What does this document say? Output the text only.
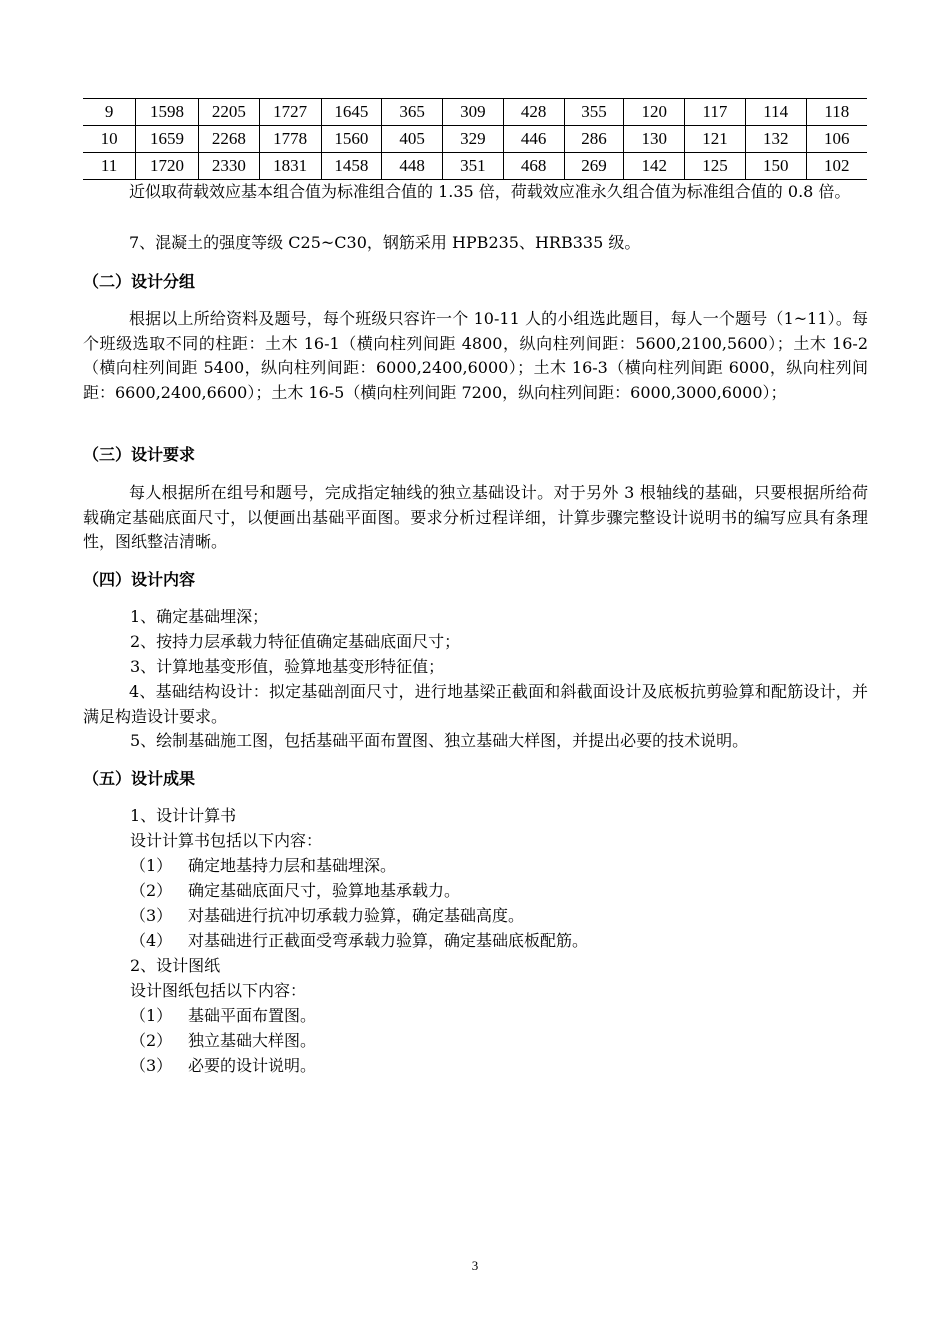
9	1598	2205	1727	1645	365	309	428	355	120	117	114	118
10	1659	2268	1778	1560	405	329	446	286	130	121	132	106
11	1720	2330	1831	1458	448	351	468	269	142	125	150	102

近似取荷载效应基本组合值为标准组合值的 1.35 倍，荷载效应准永久组合值为标准组合值的 0.8 倍。

7、混凝土的强度等级 C25~C30，钢筋采用 HPB235、HRB335 级。

（二）设计分组

根据以上所给资料及题号，每个班级只容许一个 10-11 人的小组选此题目，每人一个题号（1~11）。每个班级选取不同的柱距：土木 16-1（横向柱列间距 4800，纵向柱列间距：5600,2100,5600）；土木 16-2（横向柱列间距 5400，纵向柱列间距：6000,2400,6000）；土木 16-3（横向柱列间距 6000，纵向柱列间距：6600,2400,6600）；土木 16-5（横向柱列间距 7200，纵向柱列间距：6000,3000,6000）；

（三）设计要求

每人根据所在组号和题号，完成指定轴线的独立基础设计。对于另外 3 根轴线的基础，只要根据所给荷载确定基础底面尺寸，以便画出基础平面图。要求分析过程详细，计算步骤完整设计说明书的编写应具有条理性，图纸整洁清晰。

（四）设计内容

1、确定基础埋深；

2、按持力层承载力特征值确定基础底面尺寸；

3、计算地基变形值，验算地基变形特征值；

4、基础结构设计：拟定基础剖面尺寸，进行地基梁正截面和斜截面设计及底板抗剪验算和配筋设计，并满足构造设计要求。

5、绘制基础施工图，包括基础平面布置图、独立基础大样图，并提出必要的技术说明。

（五）设计成果

1、设计计算书

设计计算书包括以下内容：

（1） 确定地基持力层和基础埋深。

（2） 确定基础底面尺寸，验算地基承载力。

（3） 对基础进行抗冲切承载力验算，确定基础高度。

（4） 对基础进行正截面受弯承载力验算，确定基础底板配筋。

2、设计图纸

设计图纸包括以下内容：

（1） 基础平面布置图。

（2） 独立基础大样图。

（3） 必要的设计说明。

3
